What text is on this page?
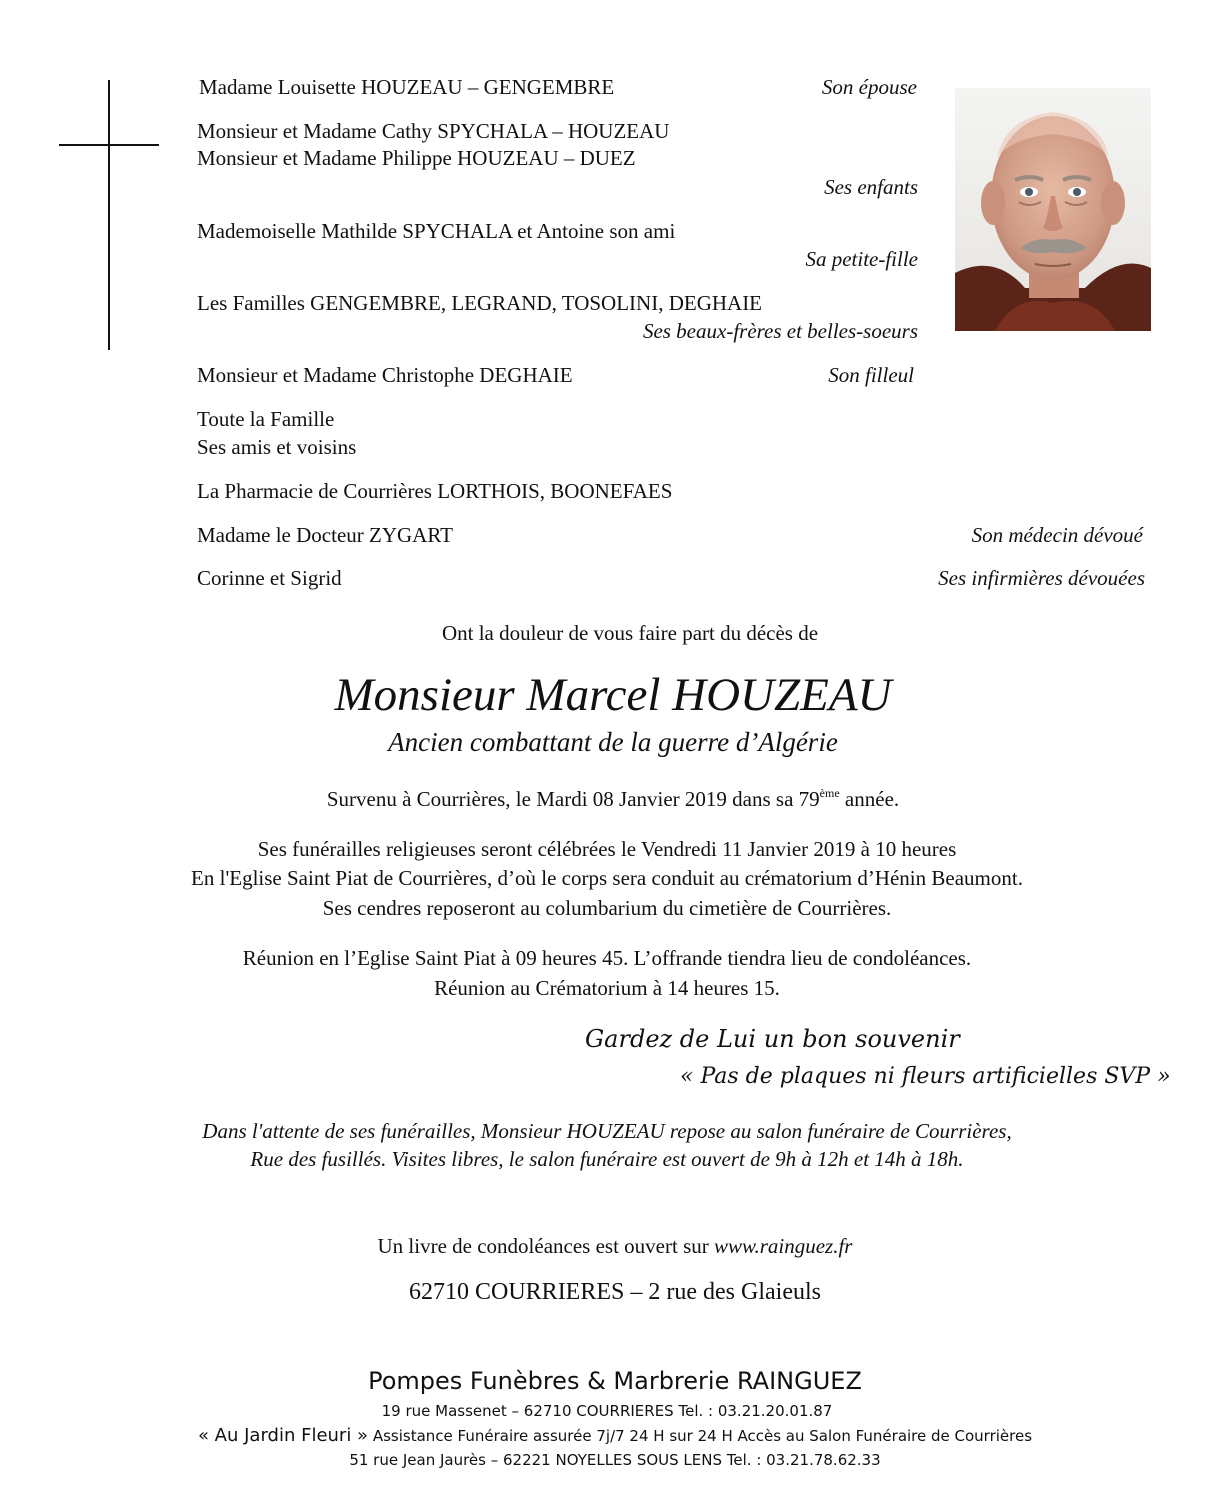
Madame Louisette HOUZEAU – GENGEMBRE	Son épouse
Monsieur et Madame Cathy SPYCHALA – HOUZEAU
Monsieur et Madame Philippe HOUZEAU – DUEZ
Ses enfants
Mademoiselle Mathilde SPYCHALA et Antoine son ami
Sa petite-fille
Les Familles GENGEMBRE, LEGRAND, TOSOLINI, DEGHAIE
Ses beaux-frères et belles-soeurs
Monsieur et Madame Christophe DEGHAIE	Son filleul
Toute la Famille
Ses amis et voisins
La Pharmacie de Courrières LORTHOIS, BOONEFAES
Madame le Docteur ZYGART	Son médecin dévoué
Corinne et Sigrid	Ses infirmières dévouées
Ont la douleur de vous faire part du décès de
Monsieur Marcel HOUZEAU
Ancien combattant de la guerre d’Algérie
Survenu à Courrières, le Mardi 08 Janvier 2019 dans sa 79ème année.
Ses funérailles religieuses seront célébrées le Vendredi 11 Janvier 2019 à 10 heures
En l'Eglise Saint Piat de Courrières, d’où le corps sera conduit au crématorium d’Hénin Beaumont.
Ses cendres reposeront au columbarium du cimetière de Courrières.
Réunion en l’Eglise Saint Piat à 09 heures 45. L’offrande tiendra lieu de condoléances.
Réunion au Crématorium à 14 heures 15.
Gardez de Lui un bon souvenir
« Pas de plaques ni fleurs artificielles SVP »
Dans l'attente de ses funérailles, Monsieur HOUZEAU repose au salon funéraire de Courrières,
Rue des fusillés. Visites libres, le salon funéraire est ouvert de 9h à 12h et 14h à 18h.
Un livre de condoléances est ouvert sur www.rainguez.fr
62710 COURRIERES – 2 rue des Glaieuls
Pompes Funèbres & Marbrerie RAINGUEZ
19 rue Massenet – 62710 COURRIERES Tel. : 03.21.20.01.87
« Au Jardin Fleuri » Assistance Funéraire assurée 7j/7 24 H sur 24 H Accès au Salon Funéraire de Courrières
51 rue Jean Jaurès – 62221 NOYELLES SOUS LENS Tel. : 03.21.78.62.33
